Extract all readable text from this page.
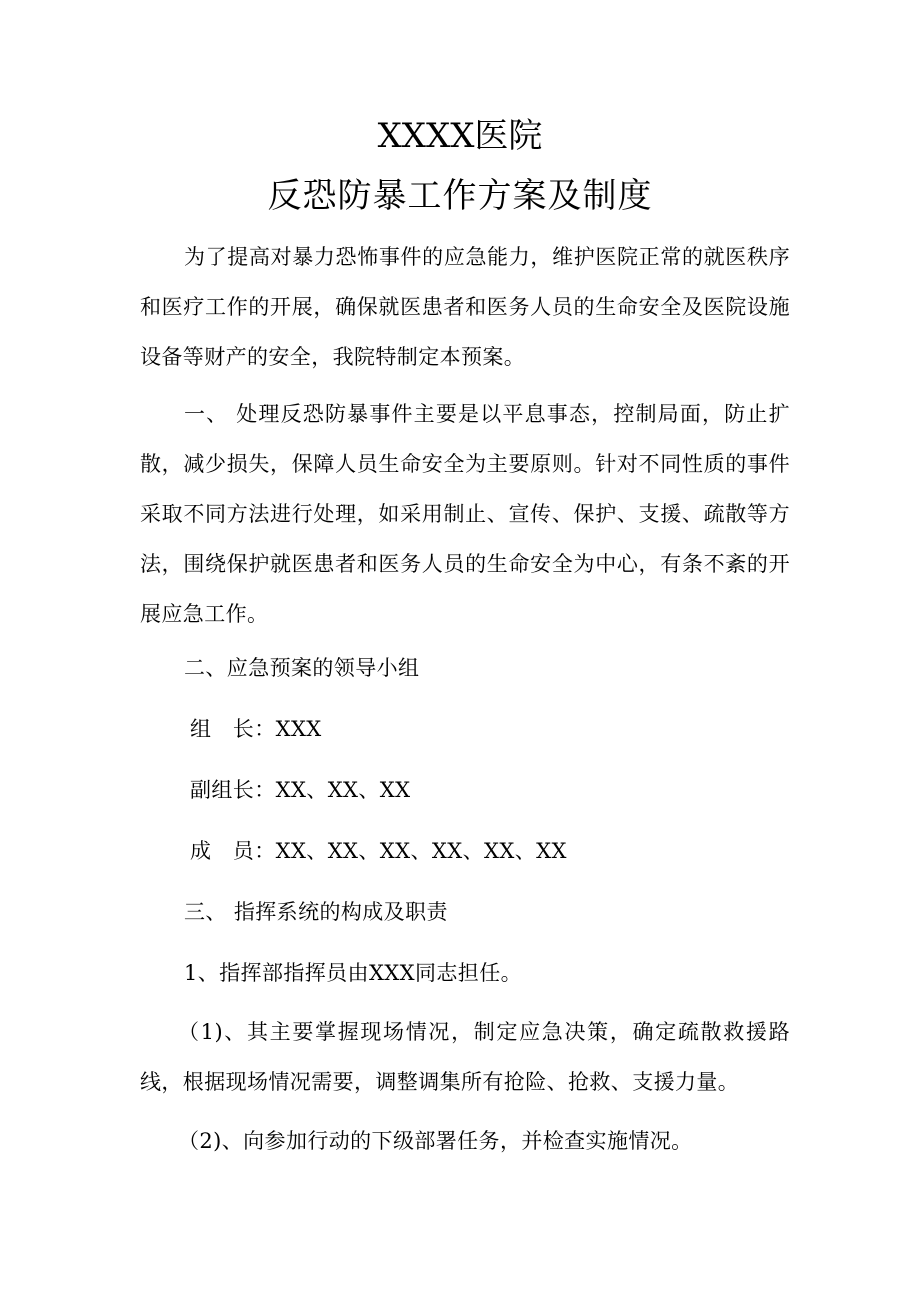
XXXX医院
反恐防暴工作方案及制度
为了提高对暴力恐怖事件的应急能力，维护医院正常的就医秩序和医疗工作的开展，确保就医患者和医务人员的生命安全及医院设施设备等财产的安全，我院特制定本预案。
一、 处理反恐防暴事件主要是以平息事态，控制局面，防止扩散，减少损失，保障人员生命安全为主要原则。针对不同性质的事件采取不同方法进行处理，如采用制止、宣传、保护、支援、疏散等方法，围绕保护就医患者和医务人员的生命安全为中心，有条不紊的开展应急工作。
二、应急预案的领导小组
组　长：XXX
副组长：XX、XX、XX
成　员：XX、XX、XX、XX、XX、XX
三、 指挥系统的构成及职责
1、指挥部指挥员由XXX同志担任。
（1)、其主要掌握现场情况，制定应急决策，确定疏散救援路线，根据现场情况需要，调整调集所有抢险、抢救、支援力量。
（2)、向参加行动的下级部署任务，并检查实施情况。
